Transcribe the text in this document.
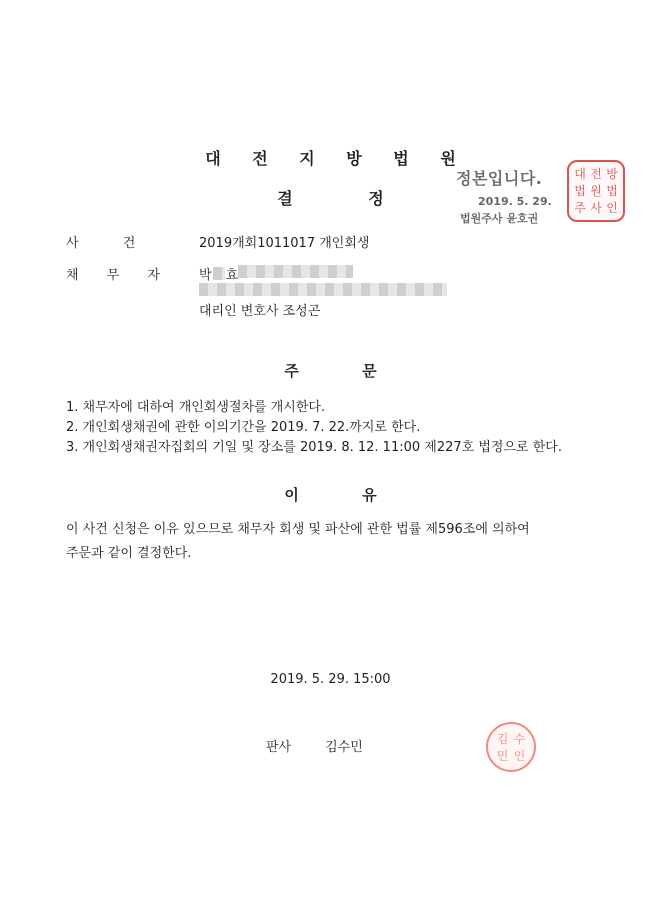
대 전 지 방 법 원
결 정
정본입니다.
2019. 5. 29.
법원주사 윤호권
대 전 방
법 원 법
주 사 인
사 건	2019개회1011017 개인회생
채 무 자	박 효
대리인 변호사 조성곤
주 문
1. 채무자에 대하여 개인회생절차를 개시한다.
2. 개인회생채권에 관한 이의기간을 2019. 7. 22.까지로 한다.
3. 개인회생채권자집회의 기일 및 장소를 2019. 8. 12. 11:00 제227호 법정으로 한다.
이 유
이 사건 신청은 이유 있으므로 채무자 회생 및 파산에 관한 법률 제596조에 의하여
주문과 같이 결정한다.
2019. 5. 29. 15:00
판사	김수민
김 수
민 인
